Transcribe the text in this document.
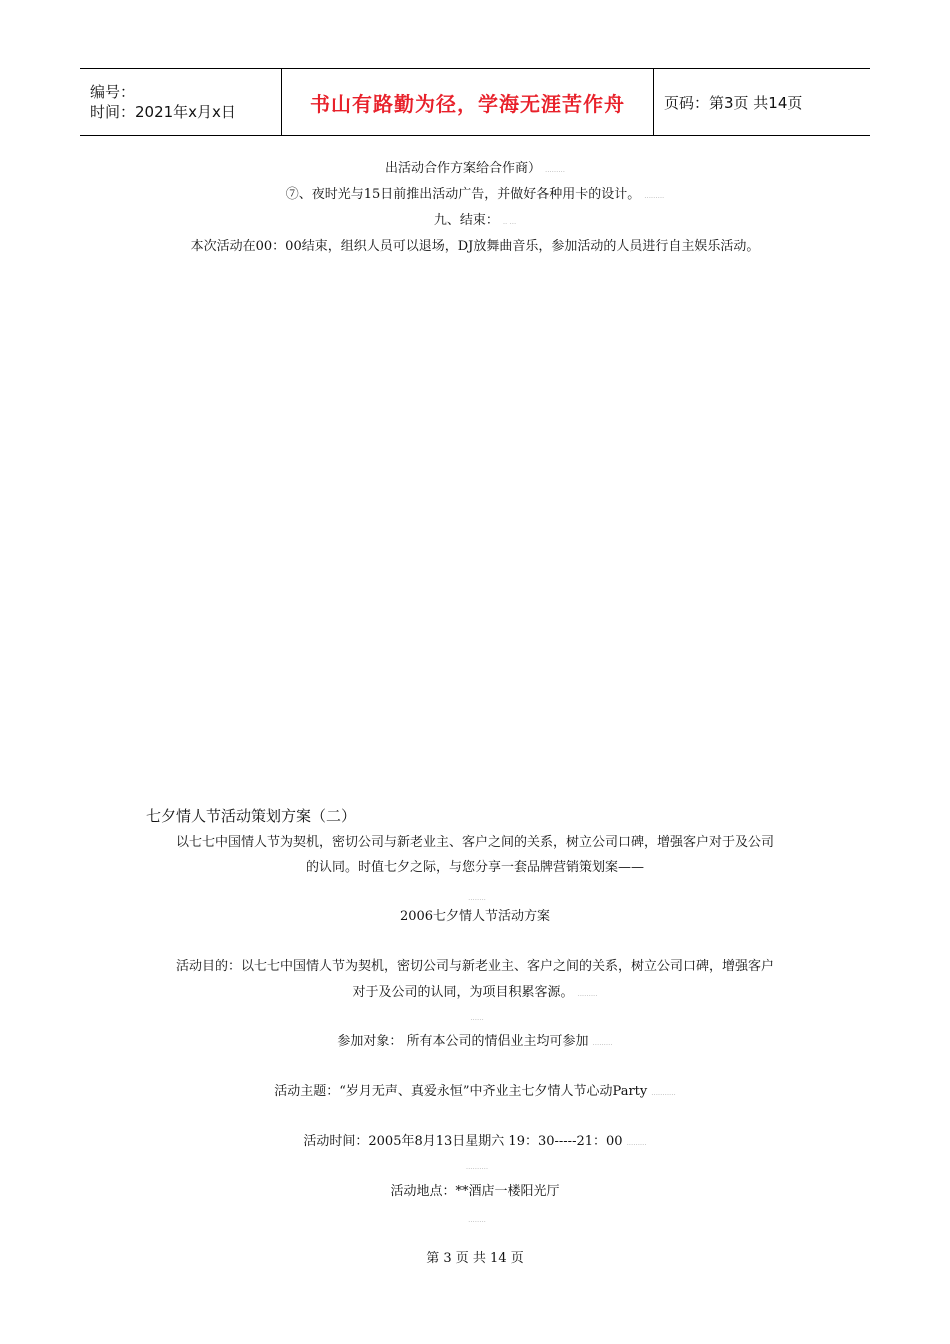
编号：
时间：2021年x月x日	书山有路勤为径，学海无涯苦作舟	页码：第3页 共14页
出活动合作方案给合作商） .........
⑦、夜时光与15日前推出活动广告，并做好各种用卡的设计。 .........
九、结束： .. ...
本次活动在00：00结束，组织人员可以退场，DJ放舞曲音乐，参加活动的人员进行自主娱乐活动。
七夕情人节活动策划方案（二）
以七七中国情人节为契机，密切公司与新老业主、客户之间的关系，树立公司口碑，增强客户对于及公司
的认同。时值七夕之际，与您分享一套品牌营销策划案——
........
2006七夕情人节活动方案
活动目的：以七七中国情人节为契机，密切公司与新老业主、客户之间的关系，树立公司口碑，增强客户
对于及公司的认同，为项目积累客源。 .........
......
参加对象： 所有本公司的情侣业主均可参加 .........
活动主题：“岁月无声、真爱永恒”中齐业主七夕情人节心动Party ...........
活动时间：2005年8月13日星期六 19：30-----21：00 .........
..........
活动地点：**酒店一楼阳光厅
........
第 3 页 共 14 页
